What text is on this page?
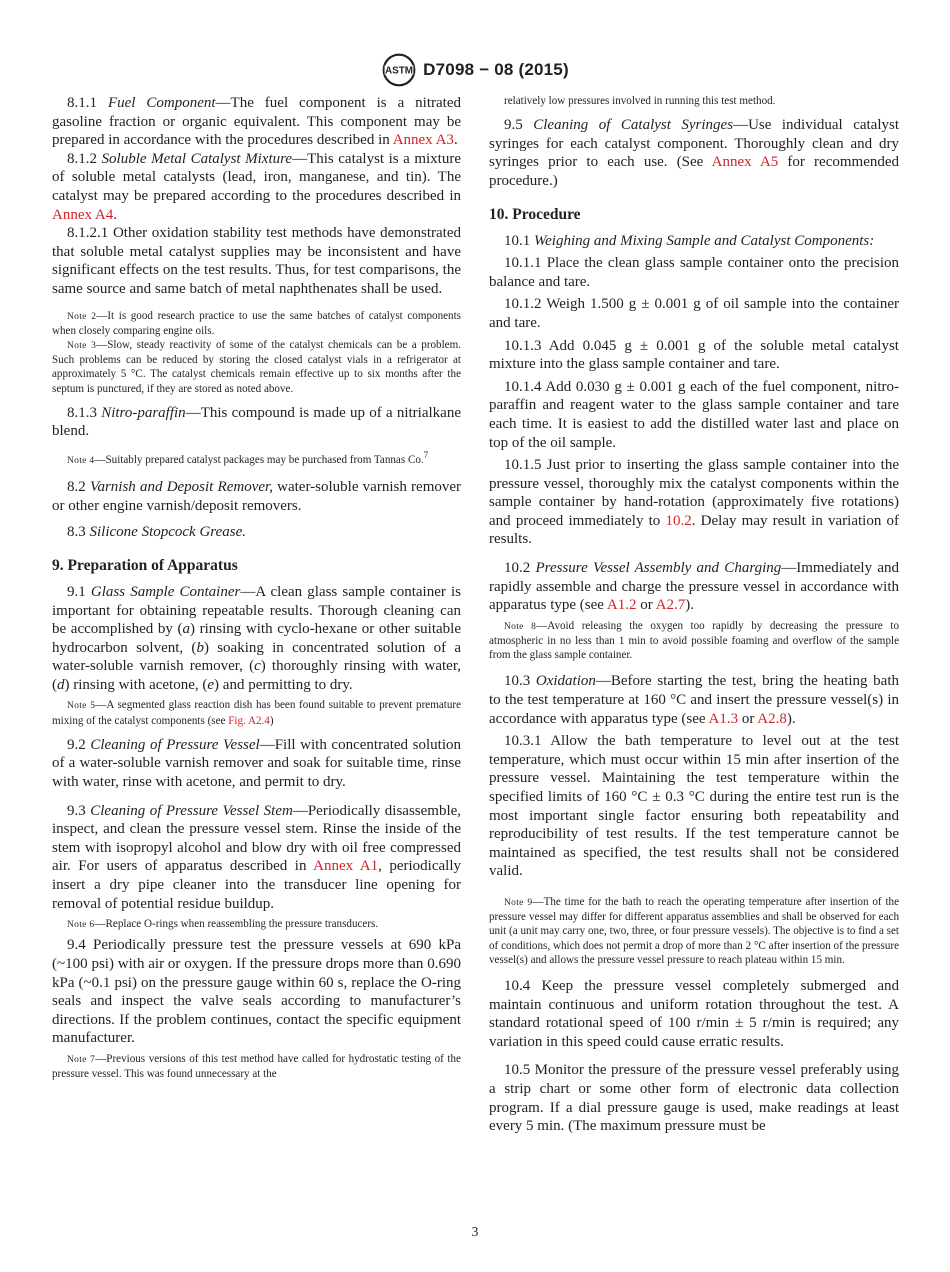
ASTM D7098 − 08 (2015)

8.1.1 Fuel Component—The fuel component is a nitrated gasoline fraction or organic equivalent. This component may be prepared in accordance with the procedures described in Annex A3.

8.1.2 Soluble Metal Catalyst Mixture—This catalyst is a mixture of soluble metal catalysts (lead, iron, manganese, and tin). The catalyst may be prepared according to the procedures described in Annex A4.

8.1.2.1 Other oxidation stability test methods have demonstrated that soluble metal catalyst supplies may be inconsistent and have significant effects on the test results. Thus, for test comparisons, the same source and same batch of metal naphthenates shall be used.

Note 2—It is good research practice to use the same batches of catalyst components when closely comparing engine oils.

Note 3—Slow, steady reactivity of some of the catalyst chemicals can be a problem. Such problems can be reduced by storing the closed catalyst vials in a refrigerator at approximately 5 °C. The catalyst chemicals remain effective up to six months after the septum is punctured, if they are stored as noted above.

8.1.3 Nitro-paraffin—This compound is made up of a nitrialkane blend.

Note 4—Suitably prepared catalyst packages may be purchased from Tannas Co.$^7$

8.2 Varnish and Deposit Remover, water-soluble varnish remover or other engine varnish/deposit removers.

8.3 Silicone Stopcock Grease.

9. Preparation of Apparatus

9.1 Glass Sample Container—A clean glass sample container is important for obtaining repeatable results. Thorough cleaning can be accomplished by (a) rinsing with cyclo-hexane or other suitable hydrocarbon solvent, (b) soaking in concentrated solution of a water-soluble varnish remover, (c) thoroughly rinsing with water, (d) rinsing with acetone, (e) and permitting to dry.

Note 5—A segmented glass reaction dish has been found suitable to prevent premature mixing of the catalyst components (see Fig. A2.4)

9.2 Cleaning of Pressure Vessel—Fill with concentrated solution of a water-soluble varnish remover and soak for suitable time, rinse with water, rinse with acetone, and permit to dry.

9.3 Cleaning of Pressure Vessel Stem—Periodically disassemble, inspect, and clean the pressure vessel stem. Rinse the inside of the stem with isopropyl alcohol and blow dry with oil free compressed air. For users of apparatus described in Annex A1, periodically insert a dry pipe cleaner into the transducer line opening for removal of potential residue buildup.

Note 6—Replace O-rings when reassembling the pressure transducers.

9.4 Periodically pressure test the pressure vessels at 690 kPa (~100 psi) with air or oxygen. If the pressure drops more than 0.690 kPa (~0.1 psi) on the pressure gauge within 60 s, replace the O-ring seals and inspect the valve seals according to manufacturer’s directions. If the problem continues, contact the specific equipment manufacturer.

Note 7—Previous versions of this test method have called for hydrostatic testing of the pressure vessel. This was found unnecessary at the

relatively low pressures involved in running this test method.

9.5 Cleaning of Catalyst Syringes—Use individual catalyst syringes for each catalyst component. Thoroughly clean and dry syringes prior to each use. (See Annex A5 for recommended procedure.)

10. Procedure

10.1 Weighing and Mixing Sample and Catalyst Components:

10.1.1 Place the clean glass sample container onto the precision balance and tare.

10.1.2 Weigh 1.500 g ± 0.001 g of oil sample into the container and tare.

10.1.3 Add 0.045 g ± 0.001 g of the soluble metal catalyst mixture into the glass sample container and tare.

10.1.4 Add 0.030 g ± 0.001 g each of the fuel component, nitro-paraffin and reagent water to the glass sample container and tare each time. It is easiest to add the distilled water last and place on top of the oil sample.

10.1.5 Just prior to inserting the glass sample container into the pressure vessel, thoroughly mix the catalyst components within the sample container by hand-rotation (approximately five rotations) and proceed immediately to 10.2. Delay may result in variation of results.

10.2 Pressure Vessel Assembly and Charging—Immediately and rapidly assemble and charge the pressure vessel in accordance with apparatus type (see A1.2 or A2.7).

Note 8—Avoid releasing the oxygen too rapidly by decreasing the pressure to atmospheric in no less than 1 min to avoid possible foaming and overflow of the sample from the glass sample container.

10.3 Oxidation—Before starting the test, bring the heating bath to the test temperature at 160 °C and insert the pressure vessel(s) in accordance with apparatus type (see A1.3 or A2.8).

10.3.1 Allow the bath temperature to level out at the test temperature, which must occur within 15 min after insertion of the pressure vessel. Maintaining the test temperature within the specified limits of 160 °C ± 0.3 °C during the entire test run is the most important single factor ensuring both repeatability and reproducibility of test results. If the test temperature cannot be maintained as specified, the test results shall not be considered valid.

Note 9—The time for the bath to reach the operating temperature after insertion of the pressure vessel may differ for different apparatus assemblies and shall be observed for each unit (a unit may carry one, two, three, or four pressure vessels). The objective is to find a set of conditions, which does not permit a drop of more than 2 °C after insertion of the pressure vessel(s) and allows the pressure vessel pressure to reach plateau within 15 min.

10.4 Keep the pressure vessel completely submerged and maintain continuous and uniform rotation throughout the test. A standard rotational speed of 100 r/min ± 5 r/min is required; any variation in this speed could cause erratic results.

10.5 Monitor the pressure of the pressure vessel preferably using a strip chart or some other form of electronic data collection program. If a dial pressure gauge is used, make readings at least every 5 min. (The maximum pressure must be

3
